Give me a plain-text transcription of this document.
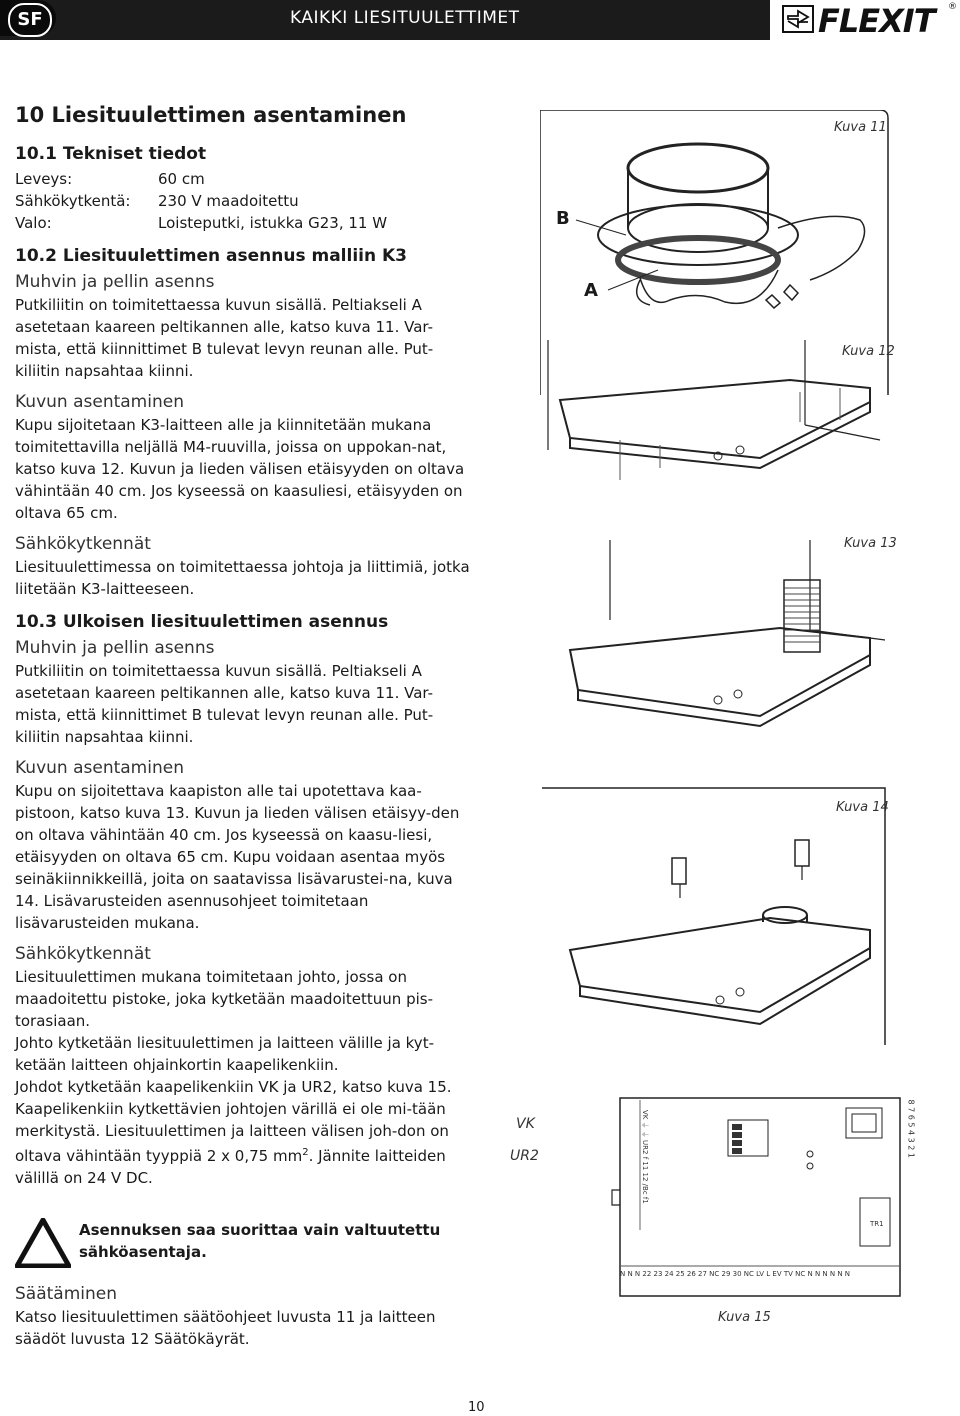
SF	KAIKKI LIESITUULETTIMET	FLEXIT ®
10 Liesituulettimen asentaminen
10.1 Tekniset tiedot
Leveys:	60 cm
Sähkökytkentä:	230 V maadoitettu
Valo:	Loisteputki, istukka G23, 11 W
10.2 Liesituulettimen asennus malliin K3
Muhvin ja pellin asenns

Putkiliitin on toimitettaessa kuvun sisällä. Peltiakseli A asetetaan kaareen peltikannen alle, katso kuva 11. Var-mista, että kiinnittimet B tulevat levyn reunan alle. Put-kiliitin napsahtaa kiinni.

Kuvun asentaminen

Kupu sijoitetaan K3-laitteen alle ja kiinnitetään mukana toimitettavilla neljällä M4-ruuvilla, joissa on uppokan-nat, katso kuva 12. Kuvun ja lieden välisen etäisyyden on oltava vähintään 40 cm. Jos kyseessä on kaasuliesi, etäisyyden on oltava 65 cm.

Sähkökytkennät

Liesituulettimessa on toimitettaessa johtoja ja liittimiä, jotka liitetään K3-laitteeseen.

10.3 Ulkoisen liesituulettimen asennus
Muhvin ja pellin asenns

Putkiliitin on toimitettaessa kuvun sisällä. Peltiakseli A asetetaan kaareen peltikannen alle, katso kuva 11. Var-mista, että kiinnittimet B tulevat levyn reunan alle. Put-kiliitin napsahtaa kiinni.

Kuvun asentaminen

Kupu on sijoitettava kaapiston alle tai upotettava kaa-pistoon, katso kuva 13. Kuvun ja lieden välisen etäisyy-den on oltava vähintään 40 cm. Jos kyseessä on kaasu-liesi, etäisyyden on oltava 65 cm. Kupu voidaan asentaa myös seinäkiinnikkeillä, joita on saatavissa lisävarustei-na, kuva 14. Lisävarusteiden asennusohjeet toimitetaan lisävarusteiden mukana.

Sähkökytkennät

Liesituulettimen mukana toimitetaan johto, jossa on maadoitettu pistoke, joka kytketään maadoitettuun pis-torasiaan.

Johto kytketään liesituulettimen ja laitteen välille ja kyt-ketään laitteen ohjainkortin kaapelikenkiin.

Johdot kytketään kaapelikenkiin VK ja UR2, katso kuva 15. Kaapelikenkiin kytkettävien johtojen värillä ei ole mi-tään merkitystä. Liesituulettimen ja laitteen välisen joh-don on oltava vähintään tyyppiä 2 x 0,75 $mm^2$. Jännite laitteiden välillä on 24 V DC.

Asennuksen saa suorittaa vain valtuutettu sähköasentaja.
Säätäminen

Katso liesituulettimen säätöohjeet luvusta 11 ja laitteen säädöt luvusta 12 Säätökäyrät.

Kuva 11
B
A
Kuva 12
Kuva 13
Kuva 14
VK
UR2
N N N 22 23 24 25 26 27 NC 29 30 NC LV L EV TV NC N N N N N N
VK ⏚ ⏚ UR2 f 11 12 /Bc f1	8 7 6 5 4 3 2 1
TR1
Kuva 15
10
